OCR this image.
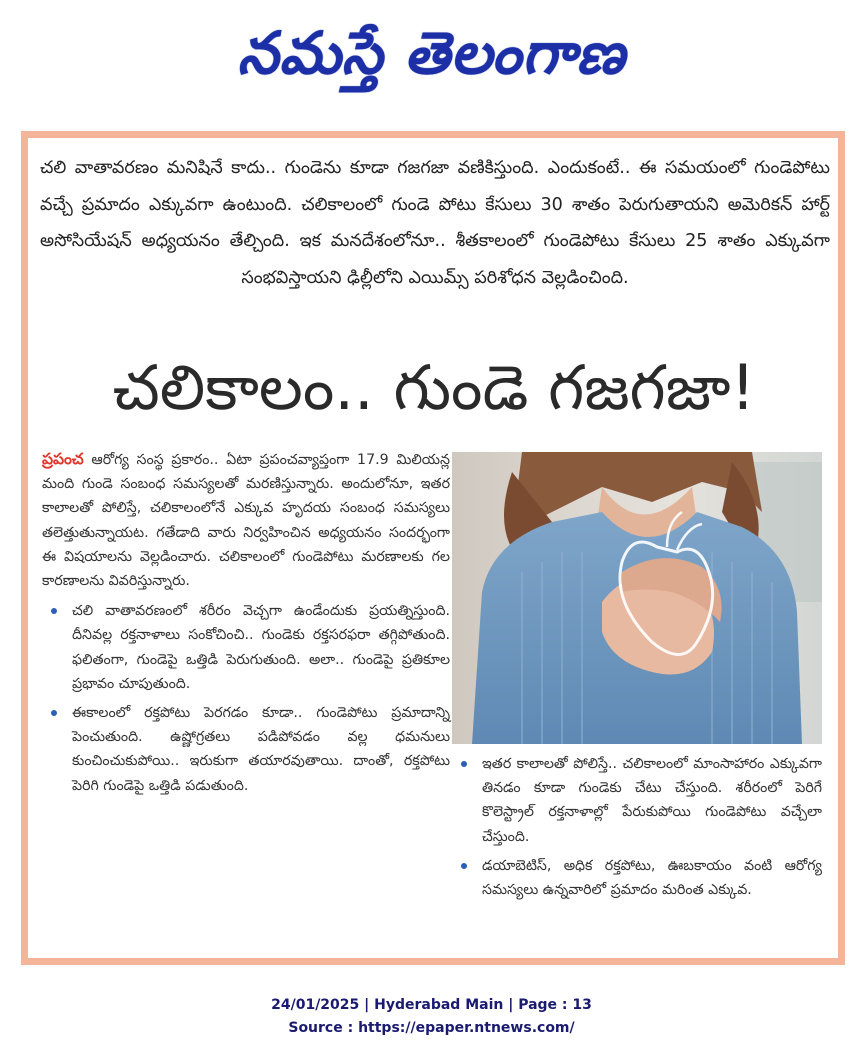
నమస్తే తెలంగాణ
చలి వాతావరణం మనిషినే కాదు.. గుండెను కూడా గజగజా వణికిస్తుంది. ఎందుకంటే.. ఈ సమయంలో గుండెపోటు వచ్చే ప్రమాదం ఎక్కువగా ఉంటుంది. చలికాలంలో గుండె పోటు కేసులు 30 శాతం పెరుగుతాయని అమెరికన్ హార్ట్ అసోసియేషన్ అధ్యయనం తేల్చింది. ఇక మనదేశంలోనూ.. శీతకాలంలో గుండెపోటు కేసులు 25 శాతం ఎక్కువగా సంభవిస్తాయని ఢిల్లీలోని ఎయిమ్స్ పరిశోధన వెల్లడించింది.
చలికాలం.. గుండె గజగజా!

ప్రపంచ ఆరోగ్య సంస్థ ప్రకారం.. ఏటా ప్రపంచవ్యాప్తంగా 17.9 మిలియన్ల మంది గుండె సంబంధ సమస్యలతో మరణిస్తున్నారు. అందులోనూ, ఇతర కాలాలతో పోలిస్తే, చలికాలంలోనే ఎక్కువ హృదయ సంబంధ సమస్యలు తలెత్తుతున్నాయట. గతేడాది వారు నిర్వహించిన అధ్యయనం సందర్భంగా ఈ విషయాలను వెల్లడించారు. చలికాలంలో గుండెపోటు మరణాలకు గల కారణాలను వివరిస్తున్నారు.

చలి వాతావరణంలో శరీరం వెచ్చగా ఉండేందుకు ప్రయత్నిస్తుంది. దీనివల్ల రక్తనాళాలు సంకోచించి.. గుండెకు రక్తసరఫరా తగ్గిపోతుంది. ఫలితంగా, గుండెపై ఒత్తిడి పెరుగుతుంది. అలా.. గుండెపై ప్రతికూల ప్రభావం చూపుతుంది.
ఈకాలంలో రక్తపోటు పెరగడం కూడా.. గుండెపోటు ప్రమాదాన్ని పెంచుతుంది. ఉష్ణోగ్రతలు పడిపోవడం వల్ల ధమనులు కుంచించుకుపోయి.. ఇరుకుగా తయారవుతాయి. దాంతో, రక్తపోటు పెరిగి గుండెపై ఒత్తిడి పడుతుంది.
ఇతర కాలాలతో పోలిస్తే.. చలికాలంలో మాంసాహారం ఎక్కువగా తినడం కూడా గుండెకు చేటు చేస్తుంది. శరీరంలో పెరిగే కొలెస్ట్రాల్ రక్తనాళాల్లో పేరుకుపోయి గుండెపోటు వచ్చేలా చేస్తుంది.
డయాబెటిస్, అధిక రక్తపోటు, ఊబకాయం వంటి ఆరోగ్య సమస్యలు ఉన్నవారిలో ప్రమాదం మరింత ఎక్కువ.
24/01/2025 | Hyderabad Main | Page : 13
Source : https://epaper.ntnews.com/
